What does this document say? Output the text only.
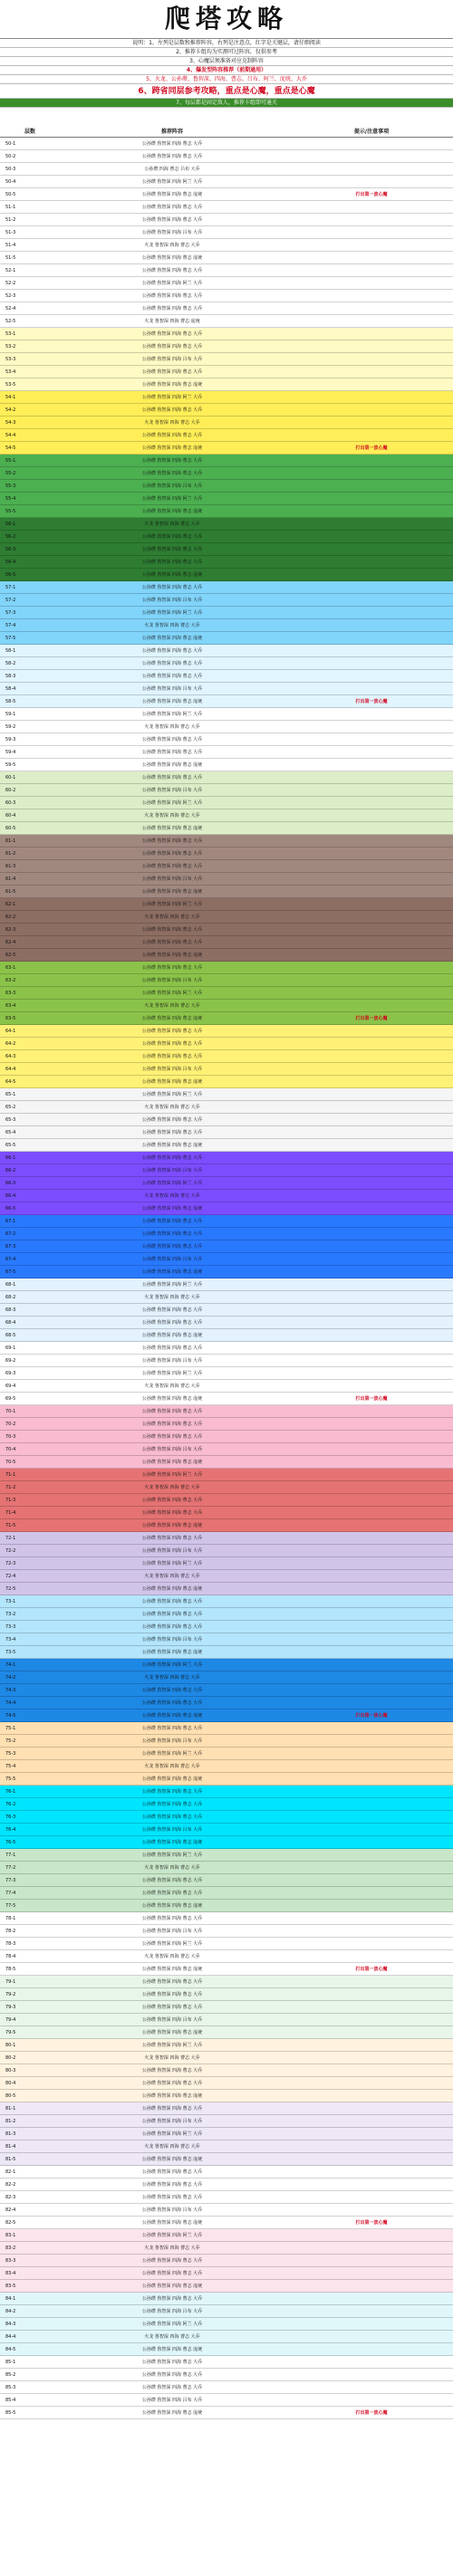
爬塔攻略
说明：1、左列是层数和推荐阵容，右列是注意点，红字是关键层，请仔细阅读
2、推荐卡组均为实测可过阵容，仅供参考
3、心魔层须准备对应克制阵容
4、爆发型阵容推荐（前期通用）
5、火龙、公孙瓒、鲁智深、四海、曹志、吕布、阿兰、庞统、大乔
6、跨省同层参考攻略，重点是心魔，重点是心魔
7、每层都是固定敌人，推荐卡组即可通关
层数	推荐阵容	提示/注意事项
50-1	公孙瓒 鲁智深 四海 曹志 大乔
50-2	公孙瓒 鲁智深 四海 曹志 大乔
50-3	公孙瓒 四海 曹志 吕布 大乔
50-4	公孙瓒 鲁智深 四海 阿兰 大乔
50-5	公孙瓒 鲁智深 四海 曹志 庞统	打出第一波心魔
51-1	公孙瓒 鲁智深 四海 曹志 大乔
51-2	公孙瓒 鲁智深 四海 曹志 大乔
51-3	公孙瓒 鲁智深 四海 吕布 大乔
51-4	火龙 鲁智深 四海 曹志 大乔
51-5	公孙瓒 鲁智深 四海 曹志 庞统
52-1	公孙瓒 鲁智深 四海 曹志 大乔
52-2	公孙瓒 鲁智深 四海 阿兰 大乔
52-3	公孙瓒 鲁智深 四海 曹志 大乔
52-4	公孙瓒 鲁智深 四海 曹志 大乔
52-5	火龙 鲁智深 四海 曹志 庞统
53-1	公孙瓒 鲁智深 四海 曹志 大乔
53-2	公孙瓒 鲁智深 四海 曹志 大乔
53-3	公孙瓒 鲁智深 四海 吕布 大乔
53-4	公孙瓒 鲁智深 四海 曹志 大乔
53-5	公孙瓒 鲁智深 四海 曹志 庞统
54-1	公孙瓒 鲁智深 四海 阿兰 大乔
54-2	公孙瓒 鲁智深 四海 曹志 大乔
54-3	火龙 鲁智深 四海 曹志 大乔
54-4	公孙瓒 鲁智深 四海 曹志 大乔
54-5	公孙瓒 鲁智深 四海 曹志 庞统	打出第一波心魔
55-1	公孙瓒 鲁智深 四海 曹志 大乔
55-2	公孙瓒 鲁智深 四海 曹志 大乔
55-3	公孙瓒 鲁智深 四海 吕布 大乔
55-4	公孙瓒 鲁智深 四海 阿兰 大乔
55-5	公孙瓒 鲁智深 四海 曹志 庞统
56-1	火龙 鲁智深 四海 曹志 大乔
56-2	公孙瓒 鲁智深 四海 曹志 大乔
56-3	公孙瓒 鲁智深 四海 曹志 大乔
56-4	公孙瓒 鲁智深 四海 曹志 大乔
56-5	公孙瓒 鲁智深 四海 曹志 庞统
57-1	公孙瓒 鲁智深 四海 曹志 大乔
57-2	公孙瓒 鲁智深 四海 吕布 大乔
57-3	公孙瓒 鲁智深 四海 阿兰 大乔
57-4	火龙 鲁智深 四海 曹志 大乔
57-5	公孙瓒 鲁智深 四海 曹志 庞统
58-1	公孙瓒 鲁智深 四海 曹志 大乔
58-2	公孙瓒 鲁智深 四海 曹志 大乔
58-3	公孙瓒 鲁智深 四海 曹志 大乔
58-4	公孙瓒 鲁智深 四海 吕布 大乔
58-5	公孙瓒 鲁智深 四海 曹志 庞统	打出第一波心魔
59-1	公孙瓒 鲁智深 四海 阿兰 大乔
59-2	火龙 鲁智深 四海 曹志 大乔
59-3	公孙瓒 鲁智深 四海 曹志 大乔
59-4	公孙瓒 鲁智深 四海 曹志 大乔
59-5	公孙瓒 鲁智深 四海 曹志 庞统
60-1	公孙瓒 鲁智深 四海 曹志 大乔
60-2	公孙瓒 鲁智深 四海 吕布 大乔
60-3	公孙瓒 鲁智深 四海 阿兰 大乔
60-4	火龙 鲁智深 四海 曹志 大乔
60-5	公孙瓒 鲁智深 四海 曹志 庞统
61-1	公孙瓒 鲁智深 四海 曹志 大乔
61-2	公孙瓒 鲁智深 四海 曹志 大乔
61-3	公孙瓒 鲁智深 四海 曹志 大乔
61-4	公孙瓒 鲁智深 四海 吕布 大乔
61-5	公孙瓒 鲁智深 四海 曹志 庞统
62-1	公孙瓒 鲁智深 四海 阿兰 大乔
62-2	火龙 鲁智深 四海 曹志 大乔
62-3	公孙瓒 鲁智深 四海 曹志 大乔
62-4	公孙瓒 鲁智深 四海 曹志 大乔
62-5	公孙瓒 鲁智深 四海 曹志 庞统
63-1	公孙瓒 鲁智深 四海 曹志 大乔
63-2	公孙瓒 鲁智深 四海 吕布 大乔
63-3	公孙瓒 鲁智深 四海 阿兰 大乔
63-4	火龙 鲁智深 四海 曹志 大乔
63-5	公孙瓒 鲁智深 四海 曹志 庞统	打出第一波心魔
64-1	公孙瓒 鲁智深 四海 曹志 大乔
64-2	公孙瓒 鲁智深 四海 曹志 大乔
64-3	公孙瓒 鲁智深 四海 曹志 大乔
64-4	公孙瓒 鲁智深 四海 吕布 大乔
64-5	公孙瓒 鲁智深 四海 曹志 庞统
65-1	公孙瓒 鲁智深 四海 阿兰 大乔
65-2	火龙 鲁智深 四海 曹志 大乔
65-3	公孙瓒 鲁智深 四海 曹志 大乔
65-4	公孙瓒 鲁智深 四海 曹志 大乔
65-5	公孙瓒 鲁智深 四海 曹志 庞统
66-1	公孙瓒 鲁智深 四海 曹志 大乔
66-2	公孙瓒 鲁智深 四海 吕布 大乔
66-3	公孙瓒 鲁智深 四海 阿兰 大乔
66-4	火龙 鲁智深 四海 曹志 大乔
66-5	公孙瓒 鲁智深 四海 曹志 庞统
67-1	公孙瓒 鲁智深 四海 曹志 大乔
67-2	公孙瓒 鲁智深 四海 曹志 大乔
67-3	公孙瓒 鲁智深 四海 曹志 大乔
67-4	公孙瓒 鲁智深 四海 吕布 大乔
67-5	公孙瓒 鲁智深 四海 曹志 庞统
68-1	公孙瓒 鲁智深 四海 阿兰 大乔
68-2	火龙 鲁智深 四海 曹志 大乔
68-3	公孙瓒 鲁智深 四海 曹志 大乔
68-4	公孙瓒 鲁智深 四海 曹志 大乔
68-5	公孙瓒 鲁智深 四海 曹志 庞统
69-1	公孙瓒 鲁智深 四海 曹志 大乔
69-2	公孙瓒 鲁智深 四海 吕布 大乔
69-3	公孙瓒 鲁智深 四海 阿兰 大乔
69-4	火龙 鲁智深 四海 曹志 大乔
69-5	公孙瓒 鲁智深 四海 曹志 庞统	打出第一波心魔
70-1	公孙瓒 鲁智深 四海 曹志 大乔
70-2	公孙瓒 鲁智深 四海 曹志 大乔
70-3	公孙瓒 鲁智深 四海 曹志 大乔
70-4	公孙瓒 鲁智深 四海 吕布 大乔
70-5	公孙瓒 鲁智深 四海 曹志 庞统
71-1	公孙瓒 鲁智深 四海 阿兰 大乔
71-2	火龙 鲁智深 四海 曹志 大乔
71-3	公孙瓒 鲁智深 四海 曹志 大乔
71-4	公孙瓒 鲁智深 四海 曹志 大乔
71-5	公孙瓒 鲁智深 四海 曹志 庞统
72-1	公孙瓒 鲁智深 四海 曹志 大乔
72-2	公孙瓒 鲁智深 四海 吕布 大乔
72-3	公孙瓒 鲁智深 四海 阿兰 大乔
72-4	火龙 鲁智深 四海 曹志 大乔
72-5	公孙瓒 鲁智深 四海 曹志 庞统
73-1	公孙瓒 鲁智深 四海 曹志 大乔
73-2	公孙瓒 鲁智深 四海 曹志 大乔
73-3	公孙瓒 鲁智深 四海 曹志 大乔
73-4	公孙瓒 鲁智深 四海 吕布 大乔
73-5	公孙瓒 鲁智深 四海 曹志 庞统
74-1	公孙瓒 鲁智深 四海 阿兰 大乔
74-2	火龙 鲁智深 四海 曹志 大乔
74-3	公孙瓒 鲁智深 四海 曹志 大乔
74-4	公孙瓒 鲁智深 四海 曹志 大乔
74-5	公孙瓒 鲁智深 四海 曹志 庞统	打出第一波心魔
75-1	公孙瓒 鲁智深 四海 曹志 大乔
75-2	公孙瓒 鲁智深 四海 吕布 大乔
75-3	公孙瓒 鲁智深 四海 阿兰 大乔
75-4	火龙 鲁智深 四海 曹志 大乔
75-5	公孙瓒 鲁智深 四海 曹志 庞统
76-1	公孙瓒 鲁智深 四海 曹志 大乔
76-2	公孙瓒 鲁智深 四海 曹志 大乔
76-3	公孙瓒 鲁智深 四海 曹志 大乔
76-4	公孙瓒 鲁智深 四海 吕布 大乔
76-5	公孙瓒 鲁智深 四海 曹志 庞统
77-1	公孙瓒 鲁智深 四海 阿兰 大乔
77-2	火龙 鲁智深 四海 曹志 大乔
77-3	公孙瓒 鲁智深 四海 曹志 大乔
77-4	公孙瓒 鲁智深 四海 曹志 大乔
77-5	公孙瓒 鲁智深 四海 曹志 庞统
78-1	公孙瓒 鲁智深 四海 曹志 大乔
78-2	公孙瓒 鲁智深 四海 吕布 大乔
78-3	公孙瓒 鲁智深 四海 阿兰 大乔
78-4	火龙 鲁智深 四海 曹志 大乔
78-5	公孙瓒 鲁智深 四海 曹志 庞统	打出第一波心魔
79-1	公孙瓒 鲁智深 四海 曹志 大乔
79-2	公孙瓒 鲁智深 四海 曹志 大乔
79-3	公孙瓒 鲁智深 四海 曹志 大乔
79-4	公孙瓒 鲁智深 四海 吕布 大乔
79-5	公孙瓒 鲁智深 四海 曹志 庞统
80-1	公孙瓒 鲁智深 四海 阿兰 大乔
80-2	火龙 鲁智深 四海 曹志 大乔
80-3	公孙瓒 鲁智深 四海 曹志 大乔
80-4	公孙瓒 鲁智深 四海 曹志 大乔
80-5	公孙瓒 鲁智深 四海 曹志 庞统
81-1	公孙瓒 鲁智深 四海 曹志 大乔
81-2	公孙瓒 鲁智深 四海 吕布 大乔
81-3	公孙瓒 鲁智深 四海 阿兰 大乔
81-4	火龙 鲁智深 四海 曹志 大乔
81-5	公孙瓒 鲁智深 四海 曹志 庞统
82-1	公孙瓒 鲁智深 四海 曹志 大乔
82-2	公孙瓒 鲁智深 四海 曹志 大乔
82-3	公孙瓒 鲁智深 四海 曹志 大乔
82-4	公孙瓒 鲁智深 四海 吕布 大乔
82-5	公孙瓒 鲁智深 四海 曹志 庞统	打出第一波心魔
83-1	公孙瓒 鲁智深 四海 阿兰 大乔
83-2	火龙 鲁智深 四海 曹志 大乔
83-3	公孙瓒 鲁智深 四海 曹志 大乔
83-4	公孙瓒 鲁智深 四海 曹志 大乔
83-5	公孙瓒 鲁智深 四海 曹志 庞统
84-1	公孙瓒 鲁智深 四海 曹志 大乔
84-2	公孙瓒 鲁智深 四海 吕布 大乔
84-3	公孙瓒 鲁智深 四海 阿兰 大乔
84-4	火龙 鲁智深 四海 曹志 大乔
84-5	公孙瓒 鲁智深 四海 曹志 庞统
85-1	公孙瓒 鲁智深 四海 曹志 大乔
85-2	公孙瓒 鲁智深 四海 曹志 大乔
85-3	公孙瓒 鲁智深 四海 曹志 大乔
85-4	公孙瓒 鲁智深 四海 吕布 大乔
85-5	公孙瓒 鲁智深 四海 曹志 庞统	打出第一波心魔
